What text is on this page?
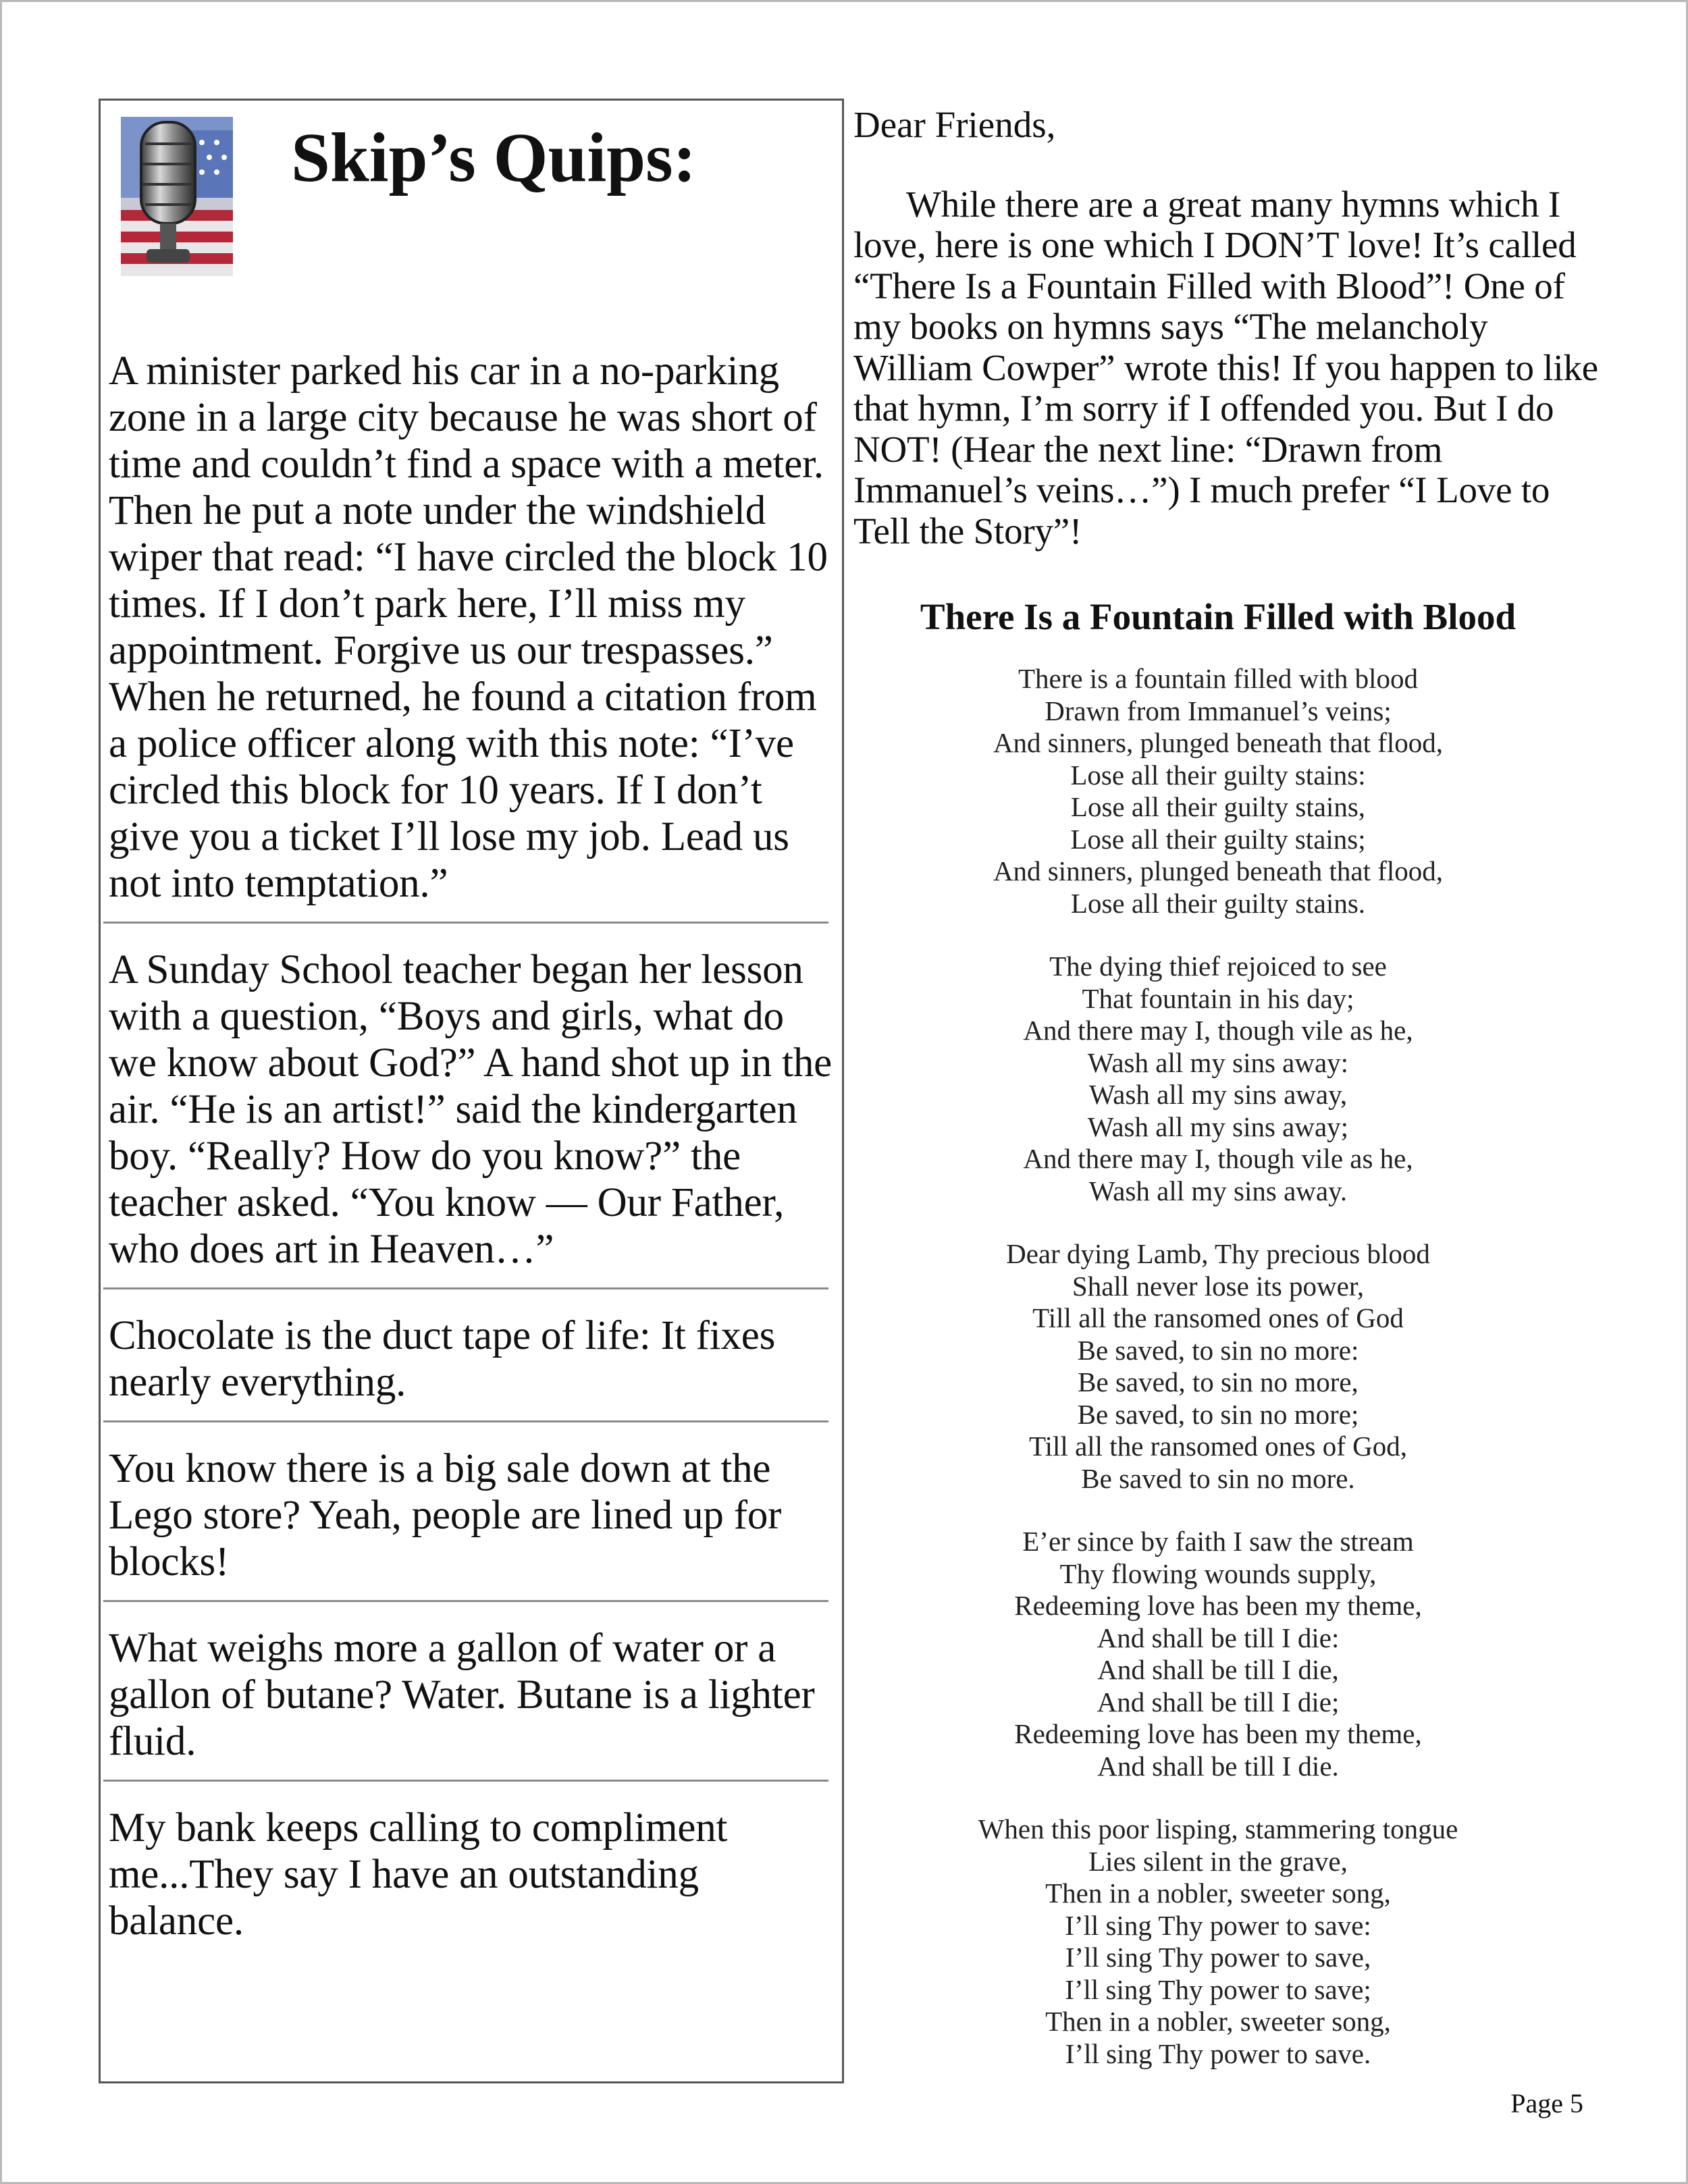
Skip’s Quips:
A minister parked his car in a no-parking zone in a large city because he was short of time and couldn’t find a space with a meter. Then he put a note under the windshield wiper that read: “I have circled the block 10 times. If I don’t park here, I’ll miss my appointment. Forgive us our trespasses.” When he returned, he found a citation from a police officer along with this note: “I’ve circled this block for 10 years. If I don’t give you a ticket I’ll lose my job. Lead us not into temptation.”
A Sunday School teacher began her lesson with a question, “Boys and girls, what do we know about God?” A hand shot up in the air. “He is an artist!” said the kindergarten boy. “Really? How do you know?” the teacher asked. “You know — Our Father, who does art in Heaven…”
Chocolate is the duct tape of life: It fixes nearly everything.
You know there is a big sale down at the Lego store? Yeah, people are lined up for blocks!
What weighs more a gallon of water or a gallon of butane? Water. Butane is a lighter fluid.
My bank keeps calling to compliment me...They say I have an outstanding balance.

Dear Friends,

While there are a great many hymns which I love, here is one which I DON’T love! It’s called “There Is a Fountain Filled with Blood”! One of my books on hymns says “The melancholy William Cowper” wrote this! If you happen to like that hymn, I’m sorry if I offended you. But I do NOT! (Hear the next line: “Drawn from Immanuel’s veins…”) I much prefer “I Love to Tell the Story”!

There Is a Fountain Filled with Blood
There is a fountain filled with blood
Drawn from Immanuel’s veins;
And sinners, plunged beneath that flood,
Lose all their guilty stains:
Lose all their guilty stains,
Lose all their guilty stains;
And sinners, plunged beneath that flood,
Lose all their guilty stains.
The dying thief rejoiced to see
That fountain in his day;
And there may I, though vile as he,
Wash all my sins away:
Wash all my sins away,
Wash all my sins away;
And there may I, though vile as he,
Wash all my sins away.
Dear dying Lamb, Thy precious blood
Shall never lose its power,
Till all the ransomed ones of God
Be saved, to sin no more:
Be saved, to sin no more,
Be saved, to sin no more;
Till all the ransomed ones of God,
Be saved to sin no more.
E’er since by faith I saw the stream
Thy flowing wounds supply,
Redeeming love has been my theme,
And shall be till I die:
And shall be till I die,
And shall be till I die;
Redeeming love has been my theme,
And shall be till I die.
When this poor lisping, stammering tongue
Lies silent in the grave,
Then in a nobler, sweeter song,
I’ll sing Thy power to save:
I’ll sing Thy power to save,
I’ll sing Thy power to save;
Then in a nobler, sweeter song,
I’ll sing Thy power to save.
Page 5
